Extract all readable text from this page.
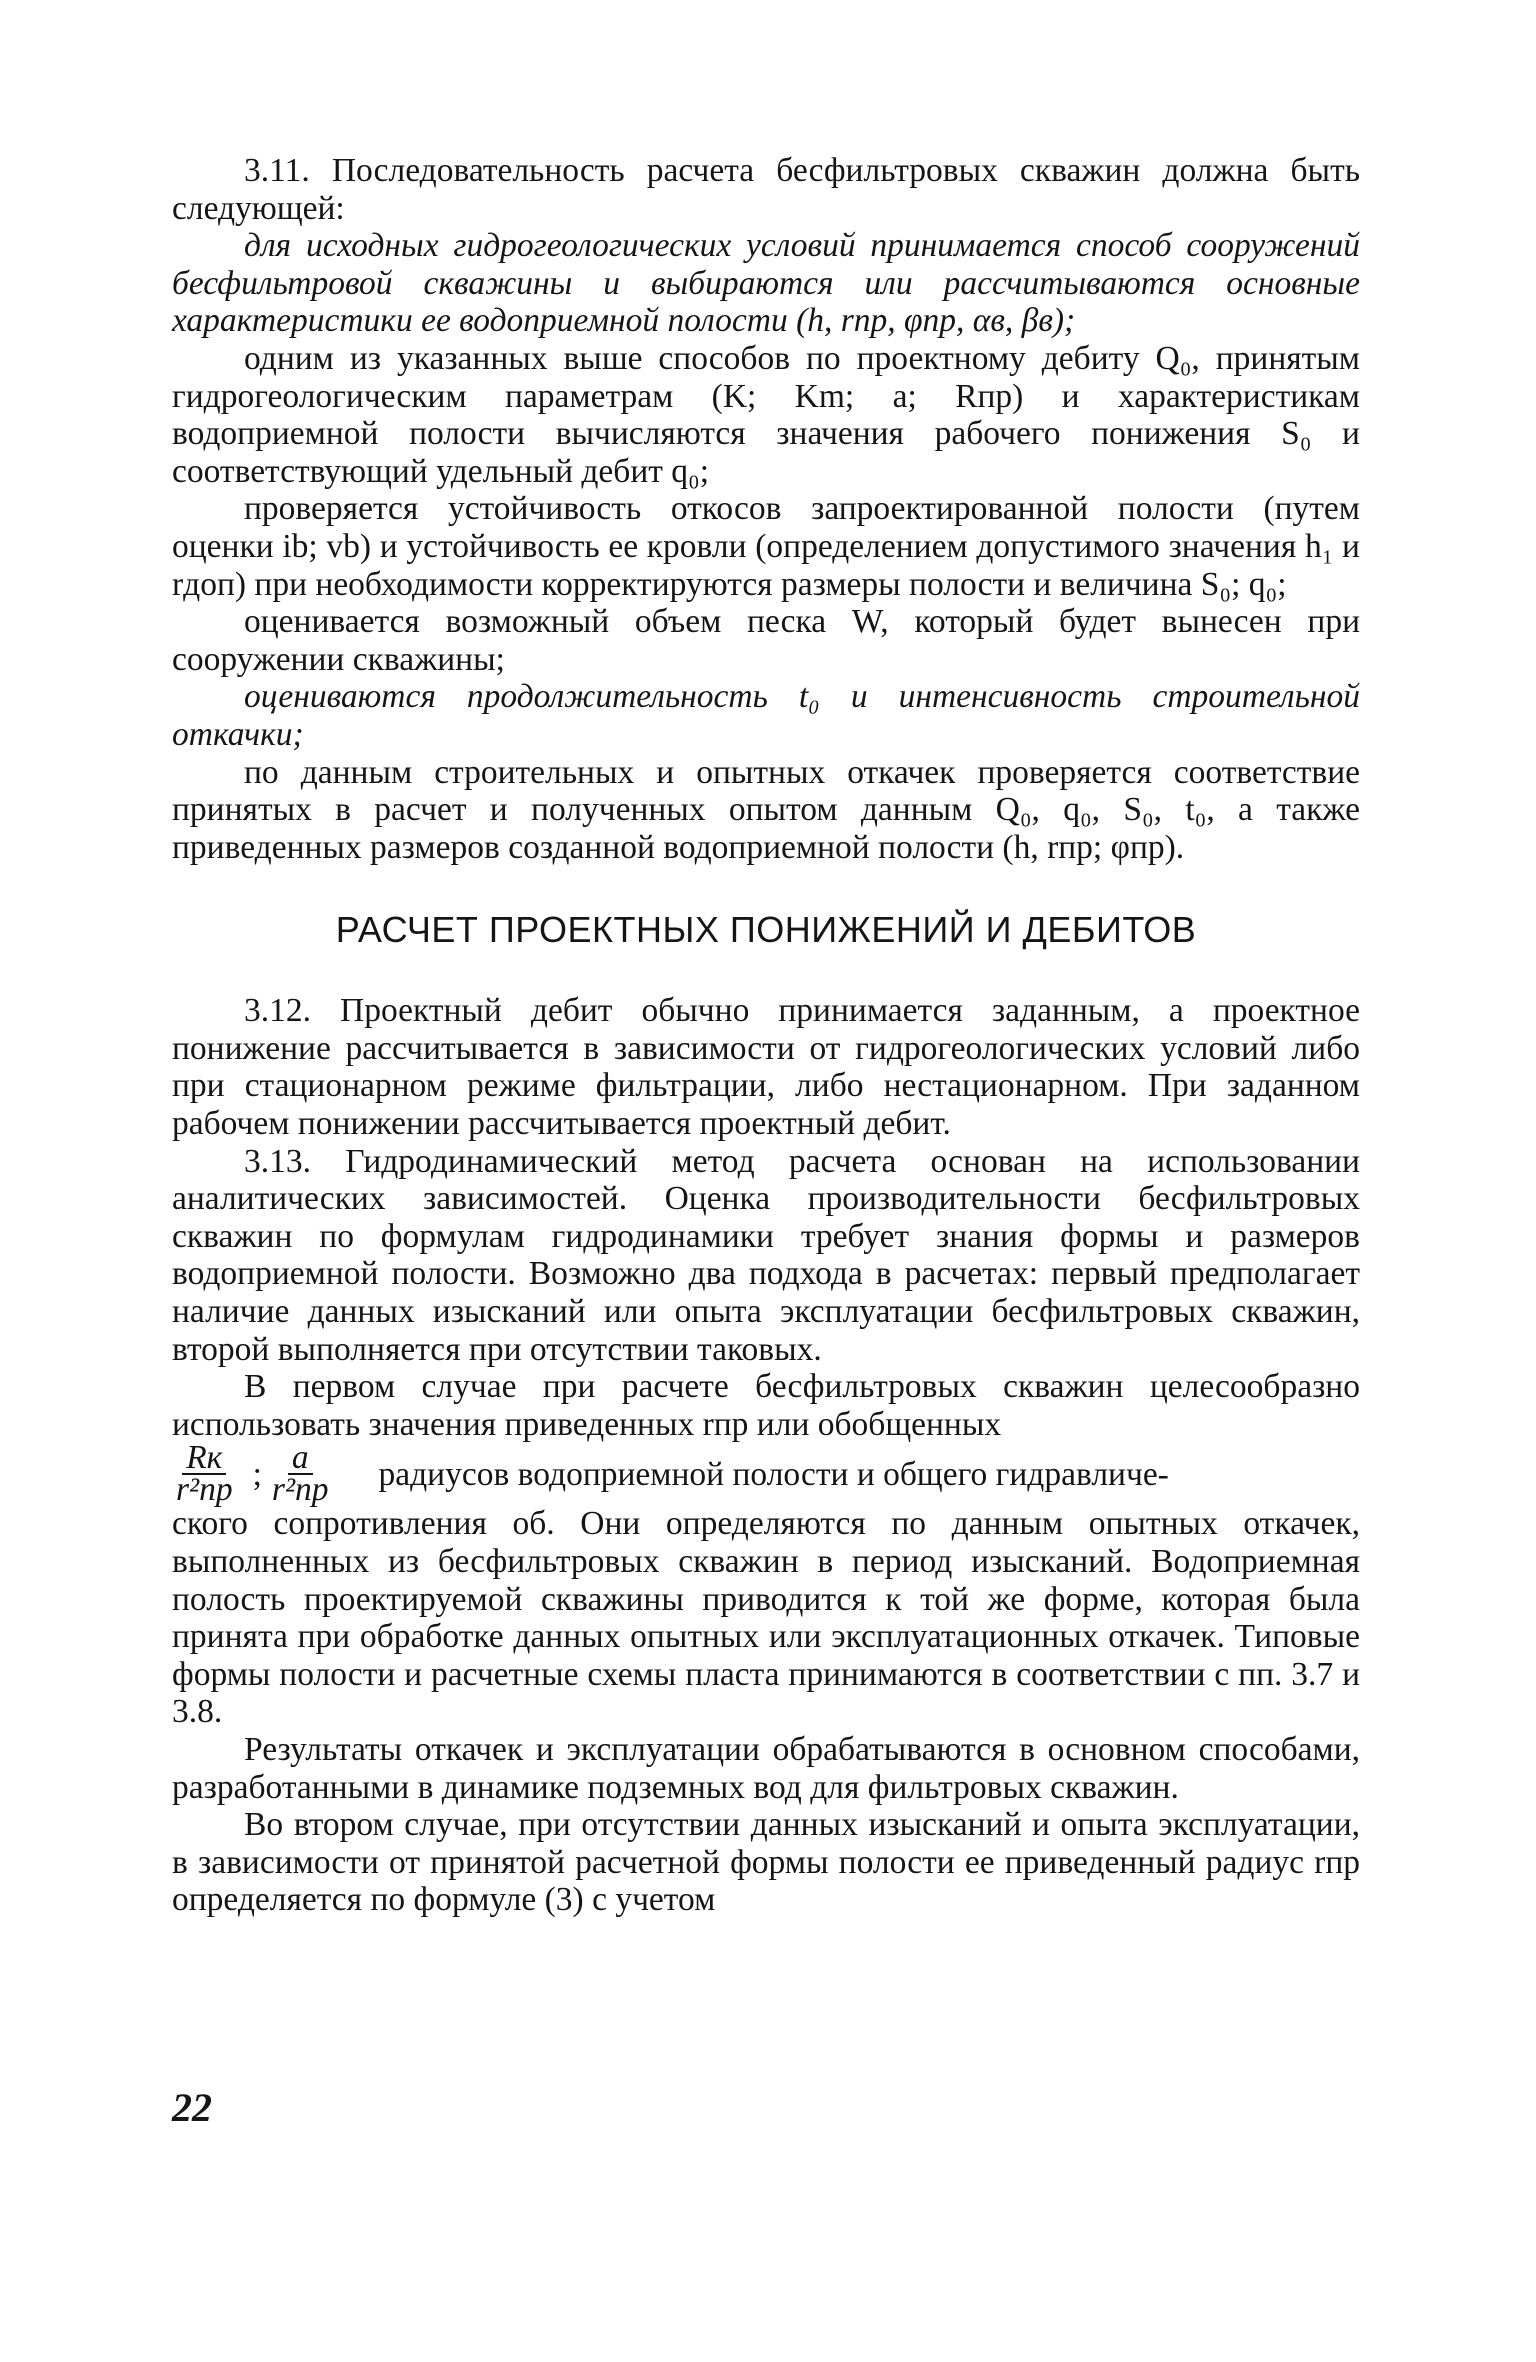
3.11. Последовательность расчета бесфильтровых скважин должна быть следующей:

для исходных гидрогеологических условий принимается способ сооружений бесфильтровой скважины и выбираются или рассчитываются основные характеристики ее водоприемной полости (h, rпр, φпр, αв, βв);

одним из указанных выше способов по проектному дебиту Q₀, принятым гидрогеологическим параметрам (K; Km; a; Rпр) и характеристикам водоприемной полости вычисляются значения рабочего понижения S₀ и соответствующий удельный дебит q₀;

проверяется устойчивость откосов запроектированной полости (путем оценки ib; vb) и устойчивость ее кровли (определением допустимого значения h₁ и rдоп) при необходимости корректируются размеры полости и величина S₀; q₀;

оценивается возможный объем песка W, который будет вынесен при сооружении скважины;

оцениваются продолжительность t₀ и интенсивность строительной откачки;

по данным строительных и опытных откачек проверяется соответствие принятых в расчет и полученных опытом данным Q₀, q₀, S₀, t₀, а также приведенных размеров созданной водоприемной полости (h, rпр; φпр).

РАСЧЕТ ПРОЕКТНЫХ ПОНИЖЕНИЙ И ДЕБИТОВ

3.12. Проектный дебит обычно принимается заданным, а проектное понижение рассчитывается в зависимости от гидрогеологических условий либо при стационарном режиме фильтрации, либо нестационарном. При заданном рабочем понижении рассчитывается проектный дебит.

3.13. Гидродинамический метод расчета основан на использовании аналитических зависимостей. Оценка производительности бесфильтровых скважин по формулам гидродинамики требует знания формы и размеров водоприемной полости. Возможно два подхода в расчетах: первый предполагает наличие данных изысканий или опыта эксплуатации бесфильтровых скважин, второй выполняется при отсутствии таковых.

В первом случае при расчете бесфильтровых скважин целесообразно использовать значения приведенных rпр или обобщенных

$\frac{Rк}{\text{r²пр}}$ ; $\frac{a}{\text{r²пр}}$ радиусов водоприемной полости и общего гидравличе-

ского сопротивления об. Они определяются по данным опытных откачек, выполненных из бесфильтровых скважин в период изысканий. Водоприемная полость проектируемой скважины приводится к той же форме, которая была принята при обработке данных опытных или эксплуатационных откачек. Типовые формы полости и расчетные схемы пласта принимаются в соответствии с пп. 3.7 и 3.8.

Результаты откачек и эксплуатации обрабатываются в основном способами, разработанными в динамике подземных вод для фильтровых скважин.

Во втором случае, при отсутствии данных изысканий и опыта эксплуатации, в зависимости от принятой расчетной формы полости ее приведенный радиус rпр определяется по формуле (3) с учетом

22
